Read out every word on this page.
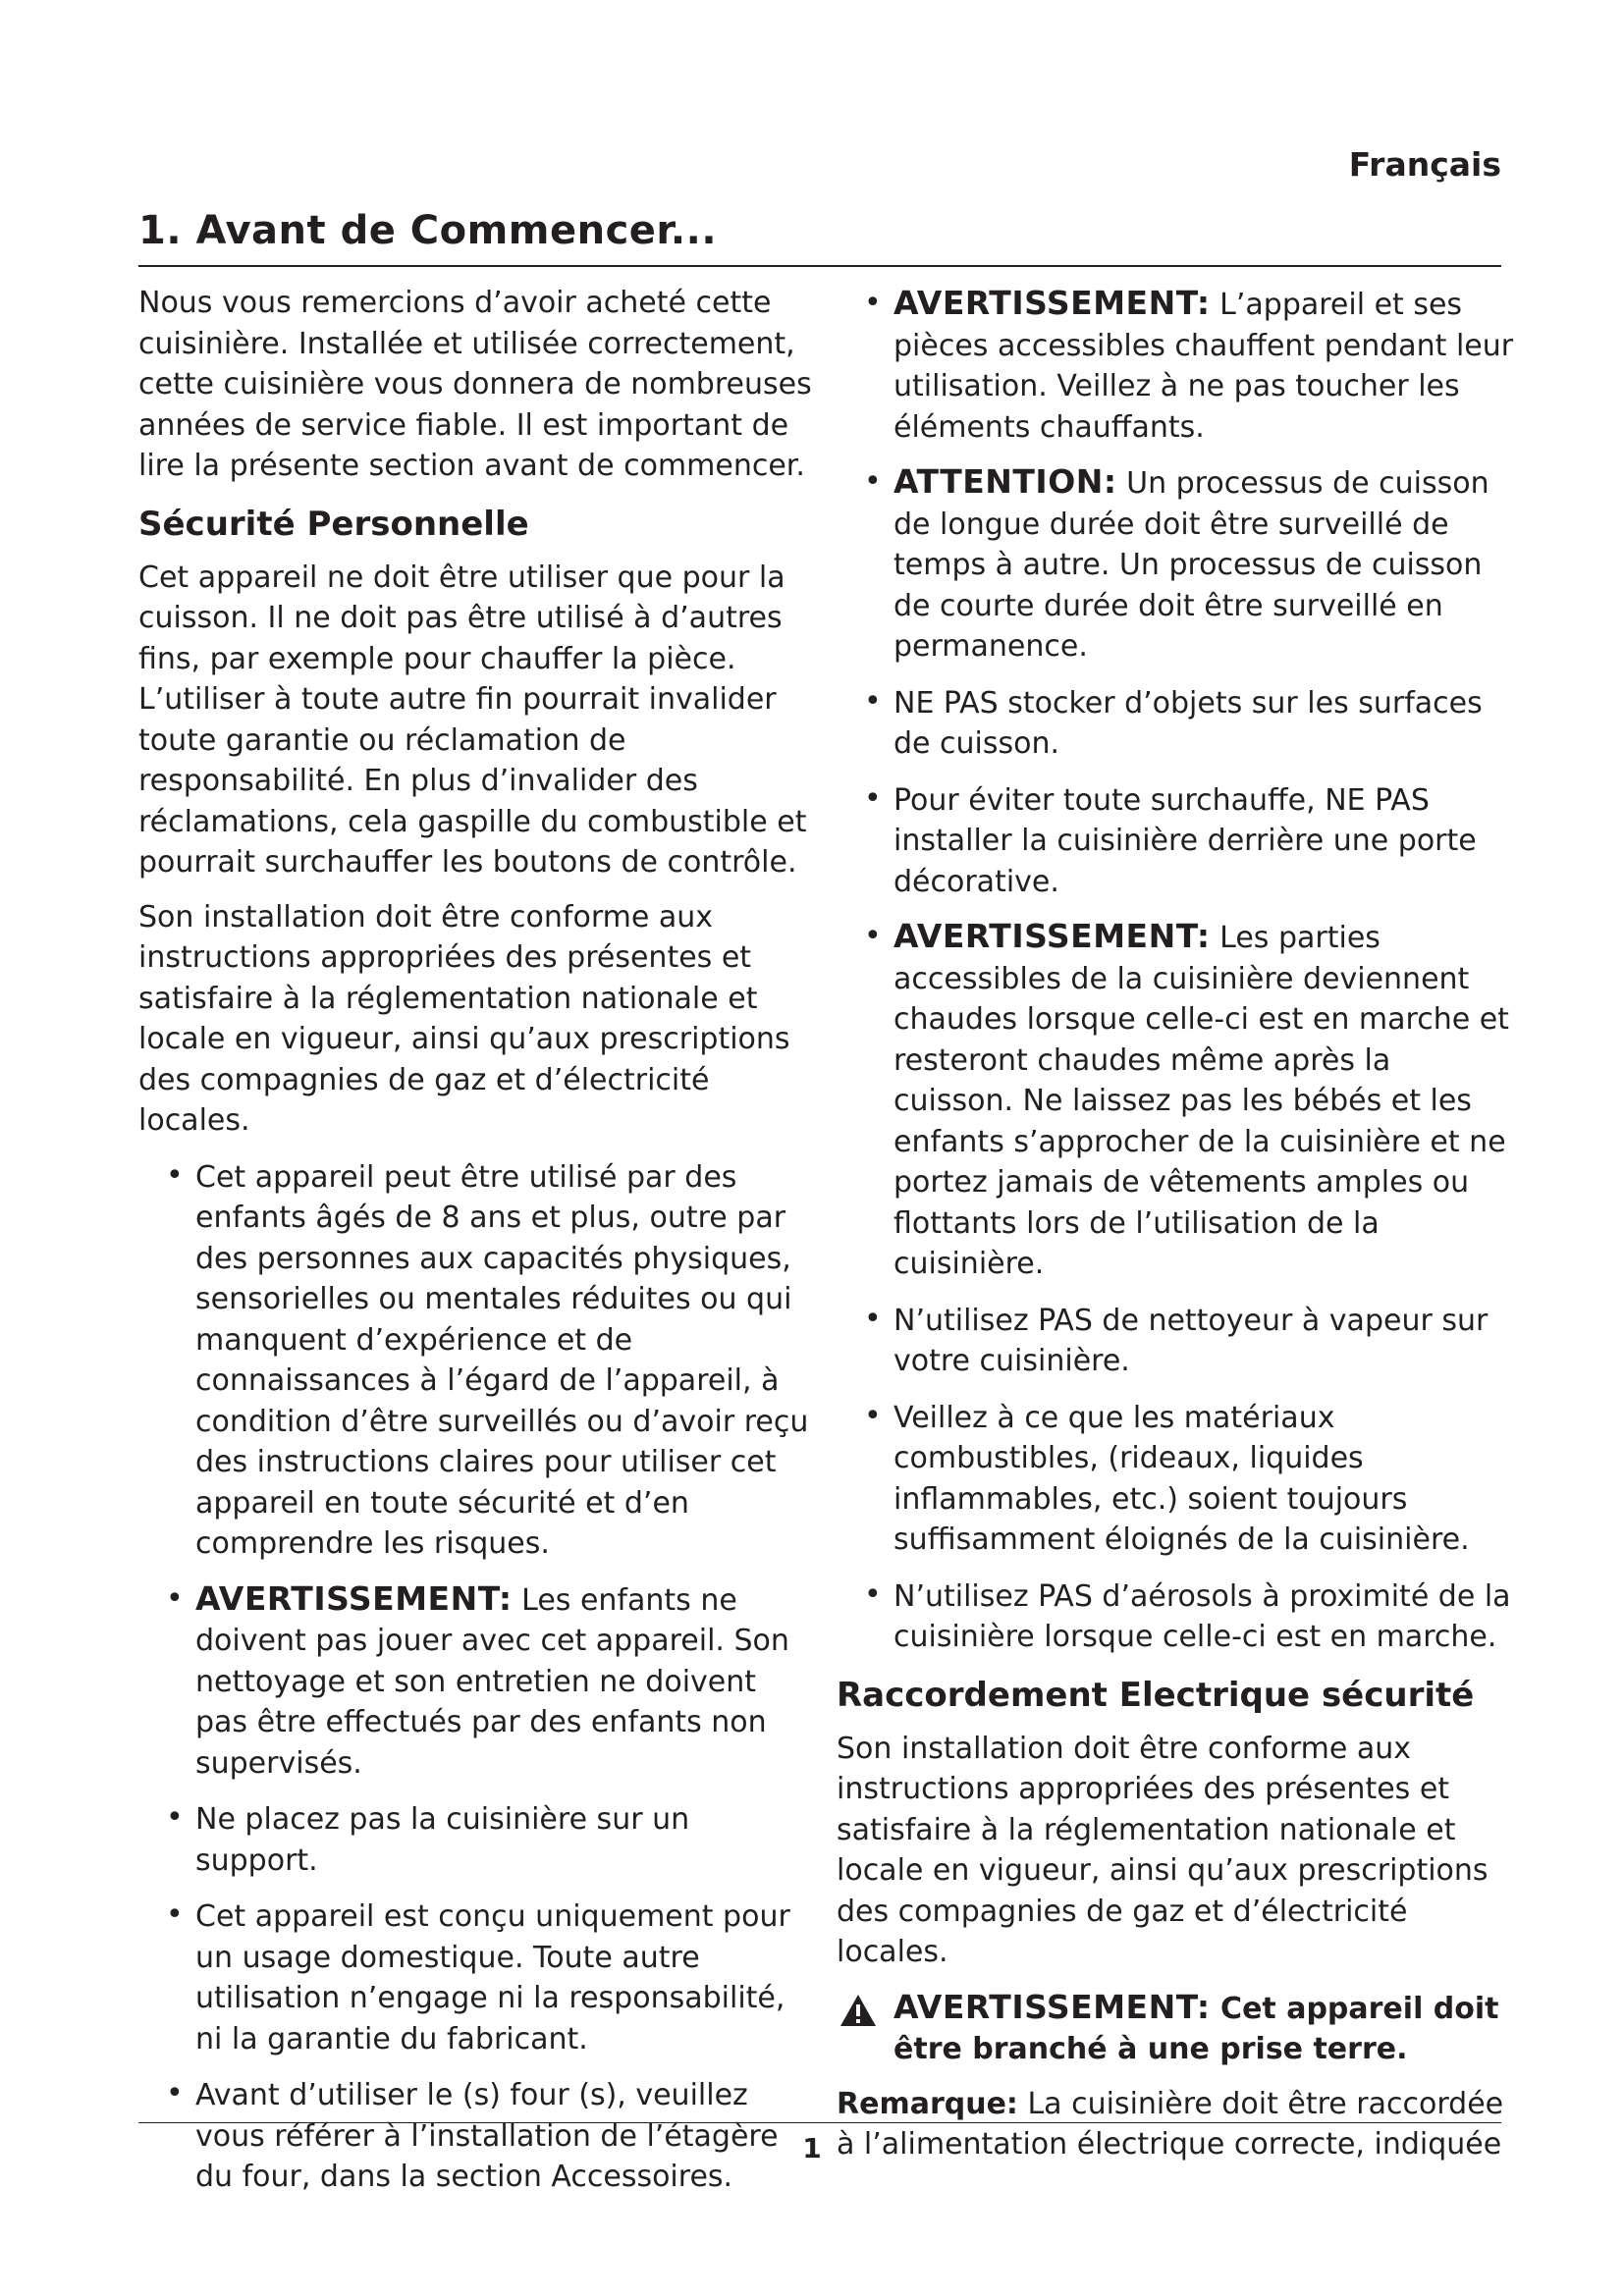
Français
1. Avant de Commencer...

Nous vous remercions d’avoir acheté cette cuisinière. Installée et utilisée correctement, cette cuisinière vous donnera de nombreuses années de service fiable. Il est important de lire la présente section avant de commencer.

Sécurité Personnelle

Cet appareil ne doit être utiliser que pour la cuisson. Il ne doit pas être utilisé à d’autres fins, par exemple pour chauffer la pièce. L’utiliser à toute autre fin pourrait invalider toute garantie ou réclamation de responsabilité. En plus d’invalider des réclamations, cela gaspille du combustible et pourrait surchauffer les boutons de contrôle.

Son installation doit être conforme aux instructions appropriées des présentes et satisfaire à la réglementation nationale et locale en vigueur, ainsi qu’aux prescriptions des compagnies de gaz et d’électricité locales.

• Cet appareil peut être utilisé par des enfants âgés de 8 ans et plus, outre par des personnes aux capacités physiques, sensorielles ou mentales réduites ou qui manquent d’expérience et de connaissances à l’égard de l’appareil, à condition d’être surveillés ou d’avoir reçu des instructions claires pour utiliser cet appareil en toute sécurité et d’en comprendre les risques.
• AVERTISSEMENT: Les enfants ne doivent pas jouer avec cet appareil. Son nettoyage et son entretien ne doivent pas être effectués par des enfants non supervisés.
• Ne placez pas la cuisinière sur un support.
• Cet appareil est conçu uniquement pour un usage domestique. Toute autre utilisation n’engage ni la responsabilité, ni la garantie du fabricant.
• Avant d’utiliser le (s) four (s), veuillez vous référer à l’installation de l’étagère du four, dans la section Accessoires.
• AVERTISSEMENT: L’appareil et ses pièces accessibles chauffent pendant leur utilisation. Veillez à ne pas toucher les éléments chauffants.
• ATTENTION: Un processus de cuisson de longue durée doit être surveillé de temps à autre. Un processus de cuisson de courte durée doit être surveillé en permanence.
• NE PAS stocker d’objets sur les surfaces de cuisson.
• Pour éviter toute surchauffe, NE PAS installer la cuisinière derrière une porte décorative.
• AVERTISSEMENT: Les parties accessibles de la cuisinière deviennent chaudes lorsque celle-ci est en marche et resteront chaudes même après la cuisson. Ne laissez pas les bébés et les enfants s’approcher de la cuisinière et ne portez jamais de vêtements amples ou flottants lors de l’utilisation de la cuisinière.
• N’utilisez PAS de nettoyeur à vapeur sur votre cuisinière.
• Veillez à ce que les matériaux combustibles, (rideaux, liquides inflammables, etc.) soient toujours suffisamment éloignés de la cuisinière.
• N’utilisez PAS d’aérosols à proximité de la cuisinière lorsque celle-ci est en marche.
Raccordement Electrique sécurité

Son installation doit être conforme aux instructions appropriées des présentes et satisfaire à la réglementation nationale et locale en vigueur, ainsi qu’aux prescriptions des compagnies de gaz et d’électricité locales.

AVERTISSEMENT: Cet appareil doit être branché à une prise terre.

Remarque: La cuisinière doit être raccordée à l’alimentation électrique correcte, indiquée

1
